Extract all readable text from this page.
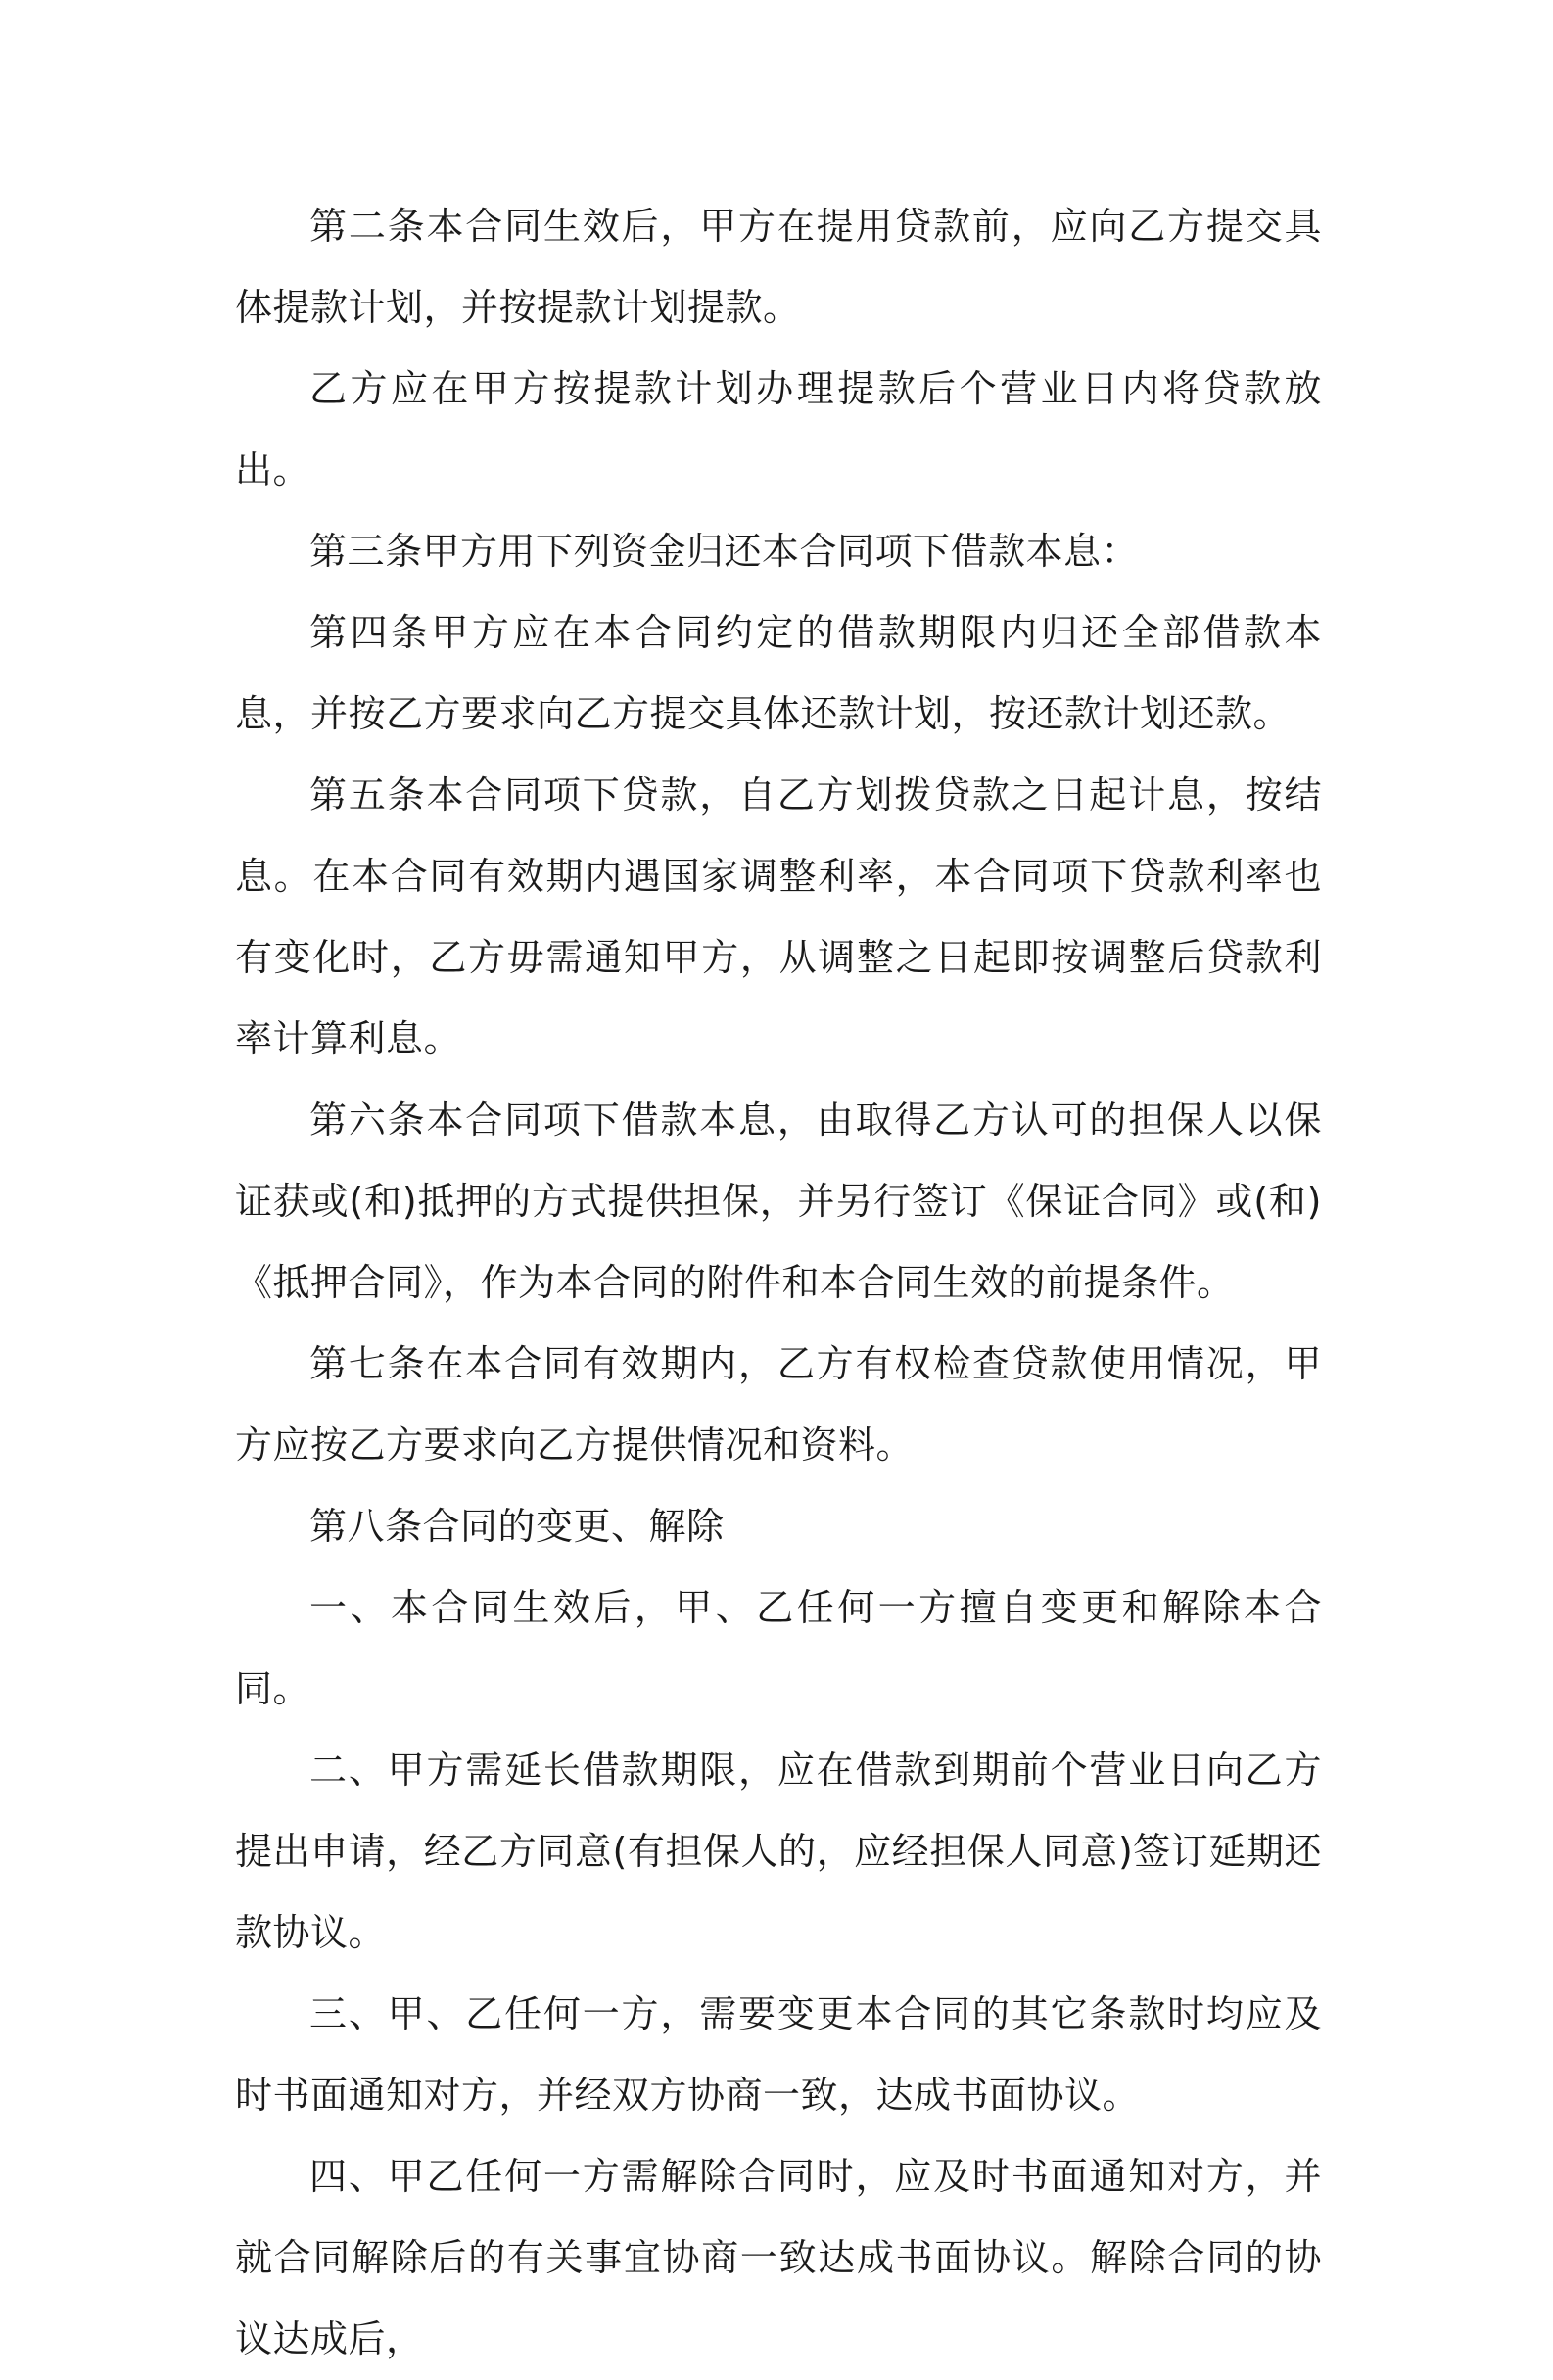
第二条本合同生效后，甲方在提用贷款前，应向乙方提交具体提款计划，并按提款计划提款。

乙方应在甲方按提款计划办理提款后个营业日内将贷款放出。

第三条甲方用下列资金归还本合同项下借款本息：

第四条甲方应在本合同约定的借款期限内归还全部借款本息，并按乙方要求向乙方提交具体还款计划，按还款计划还款。

第五条本合同项下贷款，自乙方划拨贷款之日起计息，按结息。在本合同有效期内遇国家调整利率，本合同项下贷款利率也有变化时，乙方毋需通知甲方，从调整之日起即按调整后贷款利率计算利息。

第六条本合同项下借款本息，由取得乙方认可的担保人以保证获或(和)抵押的方式提供担保，并另行签订《保证合同》或(和)《抵押合同》，作为本合同的附件和本合同生效的前提条件。

第七条在本合同有效期内，乙方有权检查贷款使用情况，甲方应按乙方要求向乙方提供情况和资料。

第八条合同的变更、解除

一、本合同生效后，甲、乙任何一方擅自变更和解除本合同。

二、甲方需延长借款期限，应在借款到期前个营业日向乙方提出申请，经乙方同意(有担保人的，应经担保人同意)签订延期还款协议。

三、甲、乙任何一方，需要变更本合同的其它条款时均应及时书面通知对方，并经双方协商一致，达成书面协议。

四、甲乙任何一方需解除合同时，应及时书面通知对方，并就合同解除后的有关事宜协商一致达成书面协议。解除合同的协议达成后，
